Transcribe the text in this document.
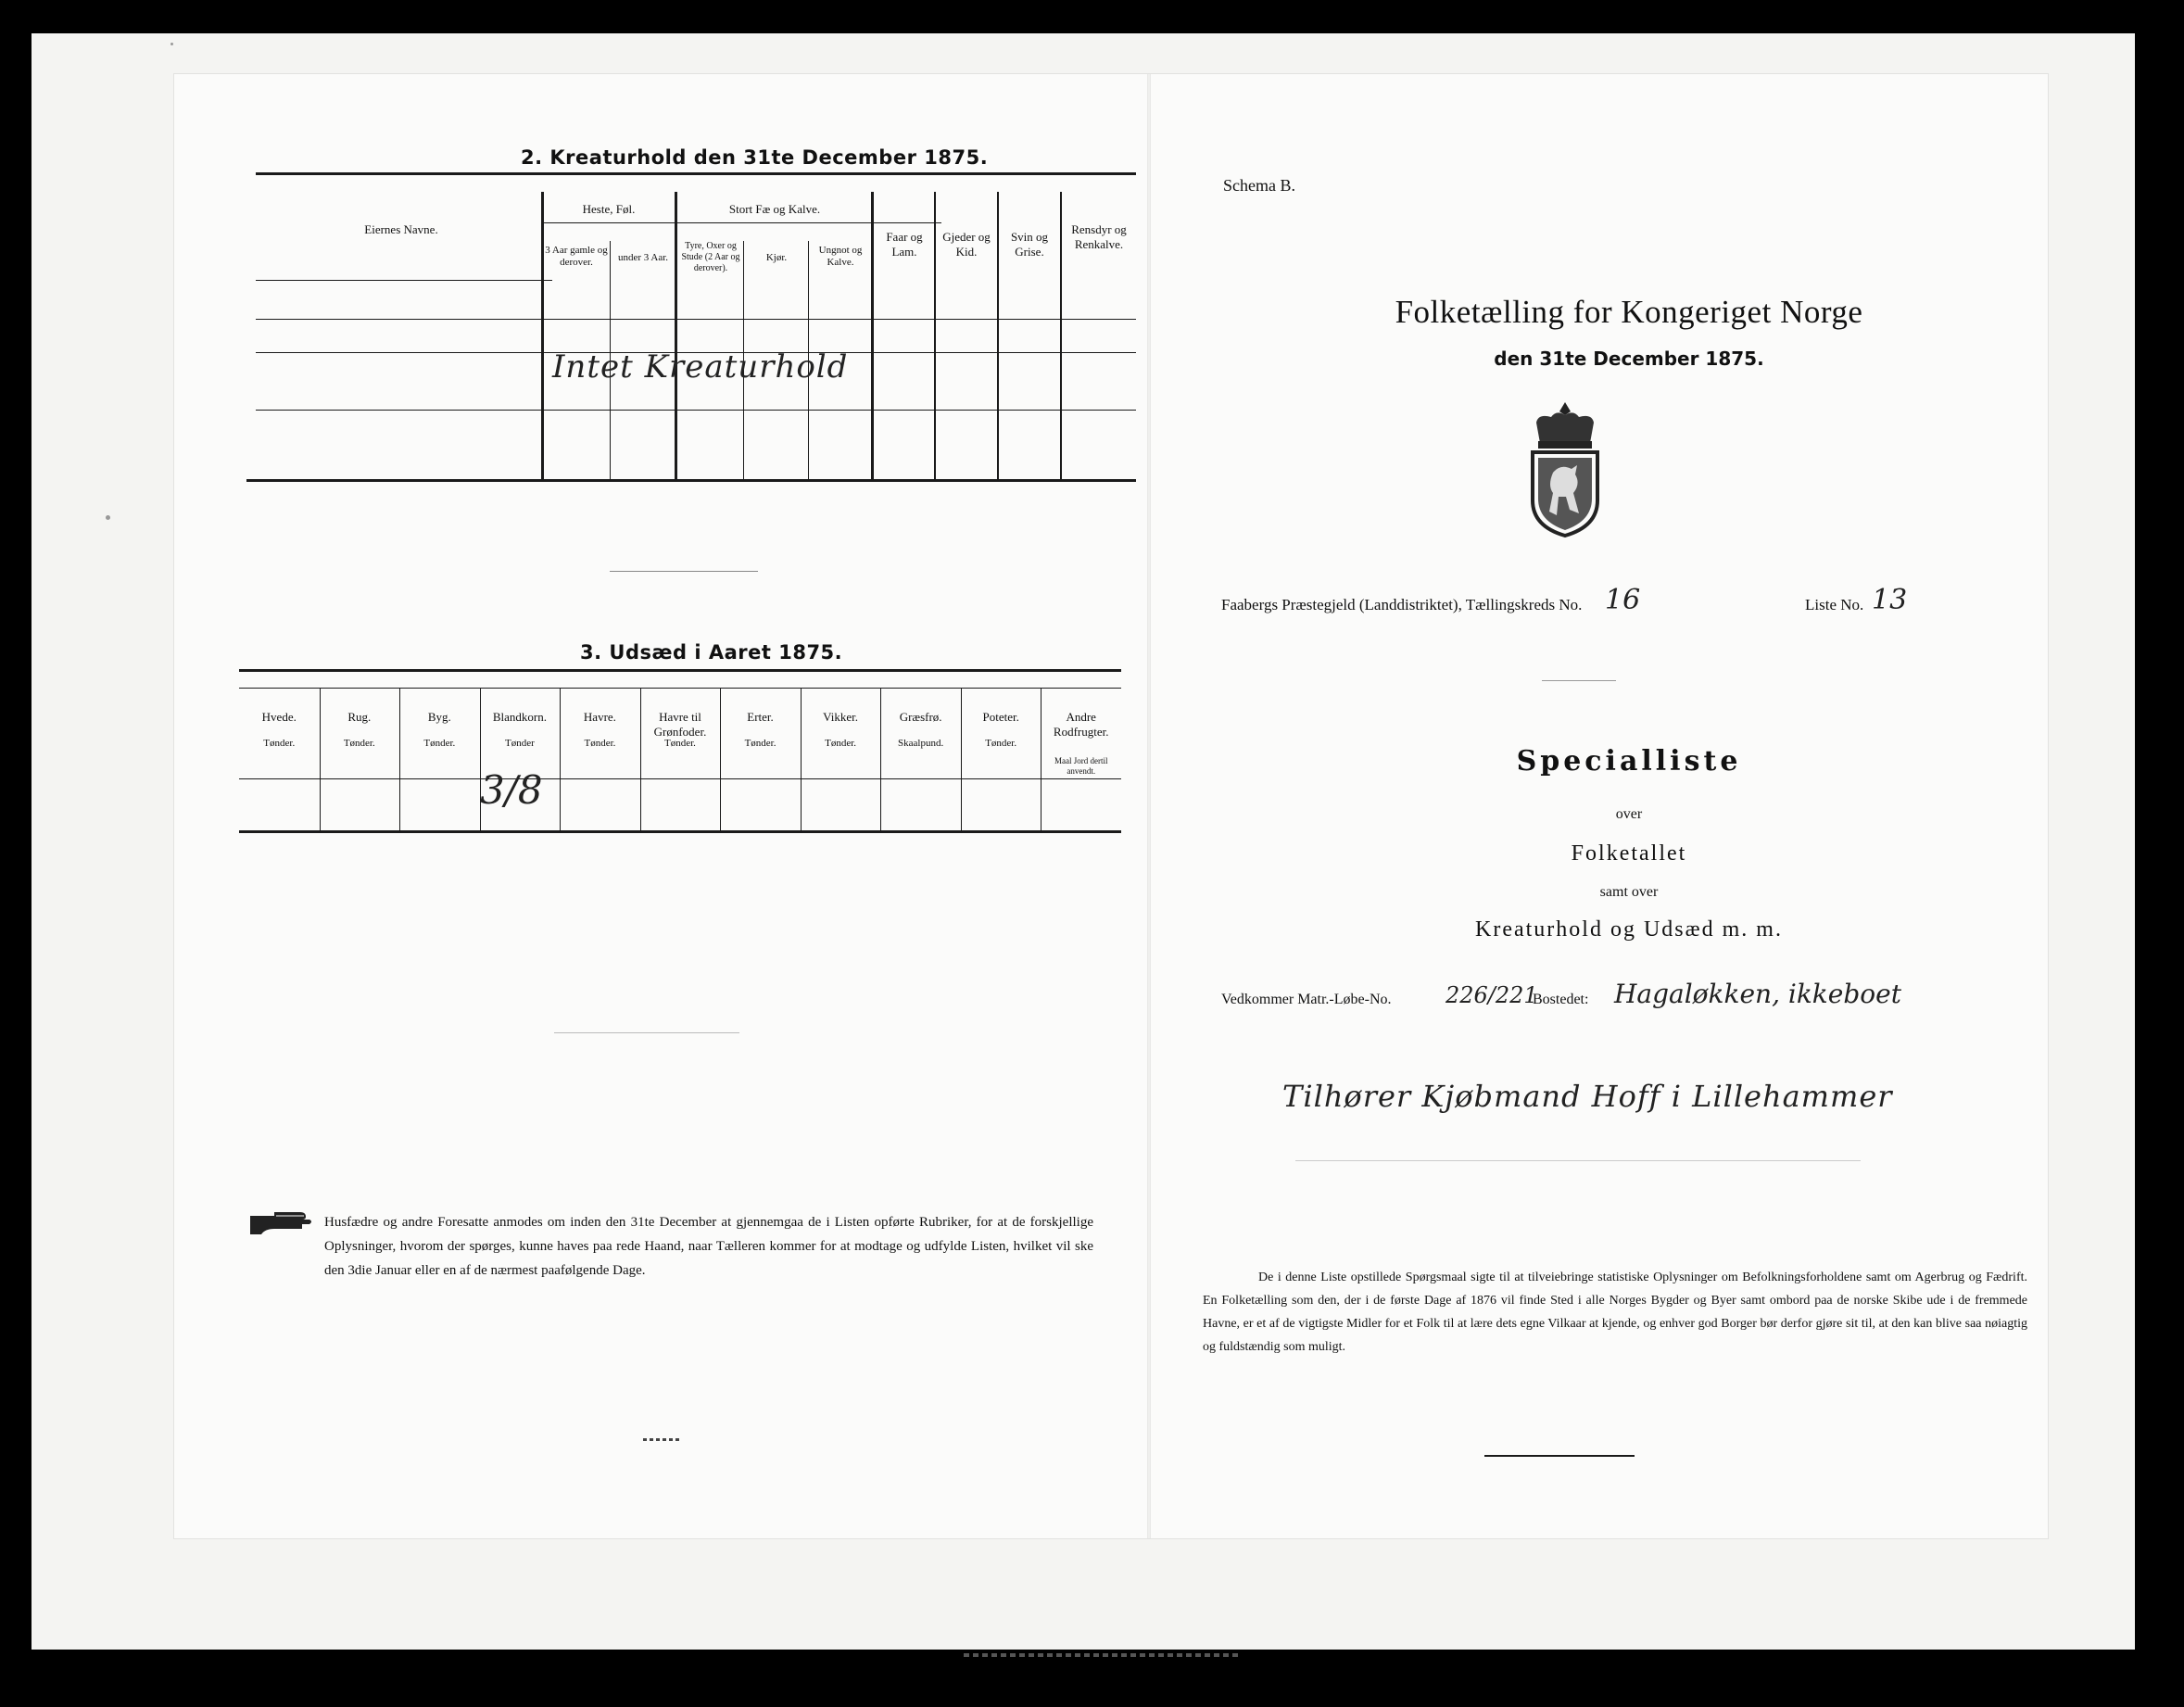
2. Kreaturhold den 31te December 1875.
Eiernes Navne.
Heste, Føl.
3 Aar gamle og derover.	under 3 Aar.
Stort Fæ og Kalve.
Tyre, Oxer og Stude (2 Aar og derover).
Kjør.
Ungnot og Kalve.
Faar og Lam.
Gjeder og Kid.
Svin og Grise.
Rensdyr og Renkalve.
Intet Kreaturhold
3. Udsæd i Aaret 1875.
Hvede.
Tønder.
Rug.
Tønder.
Byg.
Tønder.
Blandkorn.
Tønder
Havre.
Tønder.
Havre til Grønfoder.
Tønder.
Erter.
Tønder.
Vikker.
Tønder.
Græsfrø.
Skaalpund.
Poteter.
Tønder.
Andre Rodfrugter.
Maal Jord dertil anvendt.
3/8
Husfædre og andre Foresatte anmodes om inden den 31te December at gjennemgaa de i Listen opførte Rubriker, for at de forskjellige Oplysninger, hvorom der spørges, kunne haves paa rede Haand, naar Tælleren kommer for at modtage og udfylde Listen, hvilket vil ske den 3die Januar eller en af de nærmest paafølgende Dage.
Schema B.
Folketælling for Kongeriget Norge
den 31te December 1875.
Faabergs Præstegjeld (Landdistriktet), Tællingskreds No. 16	Liste No. 13
Specialliste
over
Folketallet
samt over
Kreaturhold og Udsæd m. m.
Vedkommer Matr.-Løbe-No. 226/221
Bostedet: Hagaløkken, ikkeboet
Tilhører Kjøbmand Hoff i Lillehammer
De i denne Liste opstillede Spørgsmaal sigte til at tilveiebringe statistiske Oplysninger om Befolkningsforholdene samt om Agerbrug og Fædrift. En Folketælling som den, der i de første Dage af 1876 vil finde Sted i alle Norges Bygder og Byer samt ombord paa de norske Skibe ude i de fremmede Havne, er et af de vigtigste Midler for et Folk til at lære dets egne Vilkaar at kjende, og enhver god Borger bør derfor gjøre sit til, at den kan blive saa nøiagtig og fuldstændig som muligt.
